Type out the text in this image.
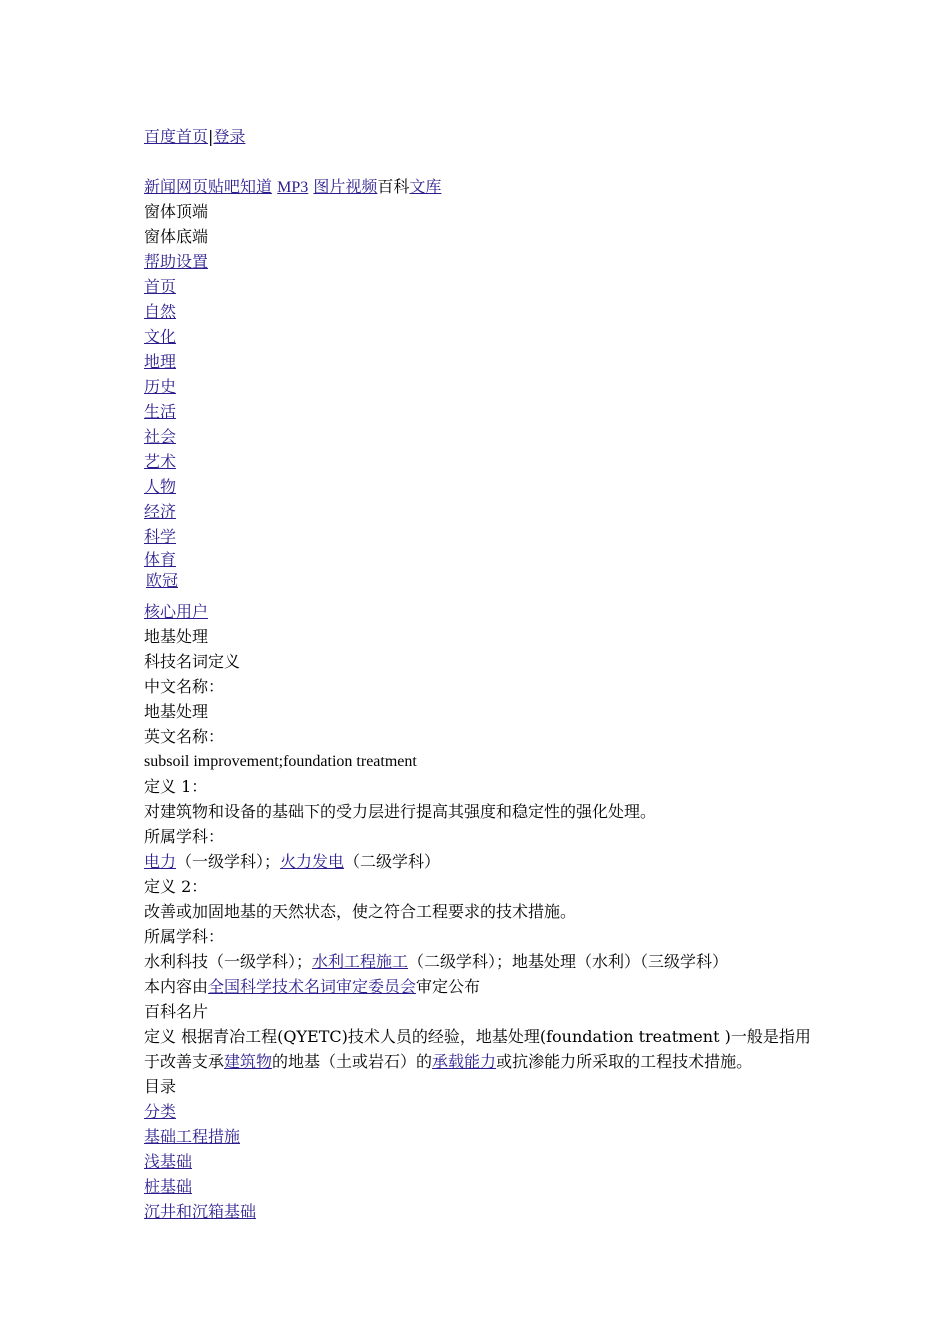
百度首页|登录
新闻网页贴吧知道 MP3 图片视频百科文库
窗体顶端
窗体底端
帮助设置
首页
自然
文化
地理
历史
生活
社会
艺术
人物
经济
科学
体育
欧冠
核心用户
地基处理
科技名词定义
中文名称：
地基处理
英文名称：
subsoil improvement;foundation treatment
定义 1：
对建筑物和设备的基础下的受力层进行提高其强度和稳定性的强化处理。
所属学科：
电力（一级学科）；火力发电（二级学科）
定义 2：
改善或加固地基的天然状态，使之符合工程要求的技术措施。
所属学科：
水利科技（一级学科）；水利工程施工（二级学科）；地基处理（水利）（三级学科）
本内容由全国科学技术名词审定委员会审定公布
百科名片
定义 根据青冶工程(QYETC)技术人员的经验，地基处理(foundation treatment )一般是指用于改善支承建筑物的地基（土或岩石）的承载能力或抗渗能力所采取的工程技术措施。
目录
分类
基础工程措施
浅基础
桩基础
沉井和沉箱基础
